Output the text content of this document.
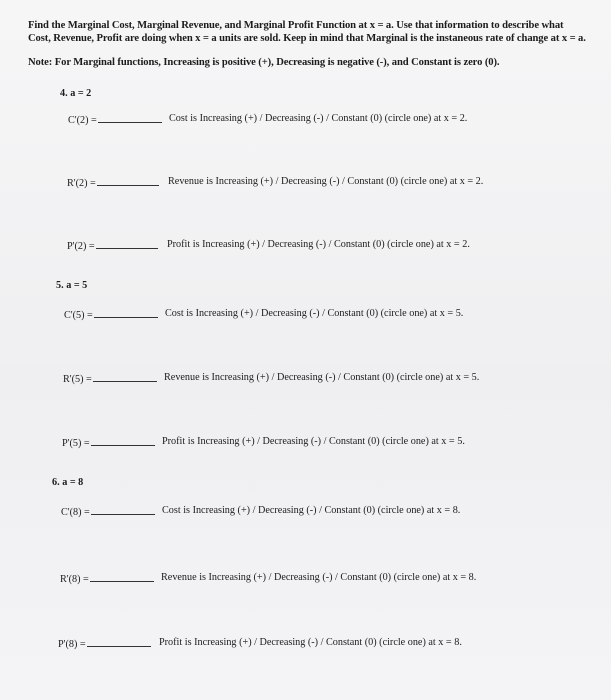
Find the Marginal Cost, Marginal Revenue, and Marginal Profit Function at x = a. Use that information to describe what Cost, Revenue, Profit are doing when x = a units are sold. Keep in mind that Marginal is the instaneous rate of change at x = a.
Note: For Marginal functions, Increasing is positive (+), Decreasing is negative (-), and Constant is zero (0).
4. a = 2
C'(2) =	Cost is Increasing (+) / Decreasing (-) / Constant (0) (circle one) at x = 2.
R'(2) =	Revenue is Increasing (+) / Decreasing (-) / Constant (0) (circle one) at x = 2.
P'(2) =	Profit is Increasing (+) / Decreasing (-) / Constant (0) (circle one) at x = 2.
5. a = 5
C'(5) =	Cost is Increasing (+) / Decreasing (-) / Constant (0) (circle one) at x = 5.
R'(5) =	Revenue is Increasing (+) / Decreasing (-) / Constant (0) (circle one) at x = 5.
P'(5) =	Profit is Increasing (+) / Decreasing (-) / Constant (0) (circle one) at x = 5.
6. a = 8
C'(8) =	Cost is Increasing (+) / Decreasing (-) / Constant (0) (circle one) at x = 8.
R'(8) =	Revenue is Increasing (+) / Decreasing (-) / Constant (0) (circle one) at x = 8.
P'(8) =	Profit is Increasing (+) / Decreasing (-) / Constant (0) (circle one) at x = 8.
